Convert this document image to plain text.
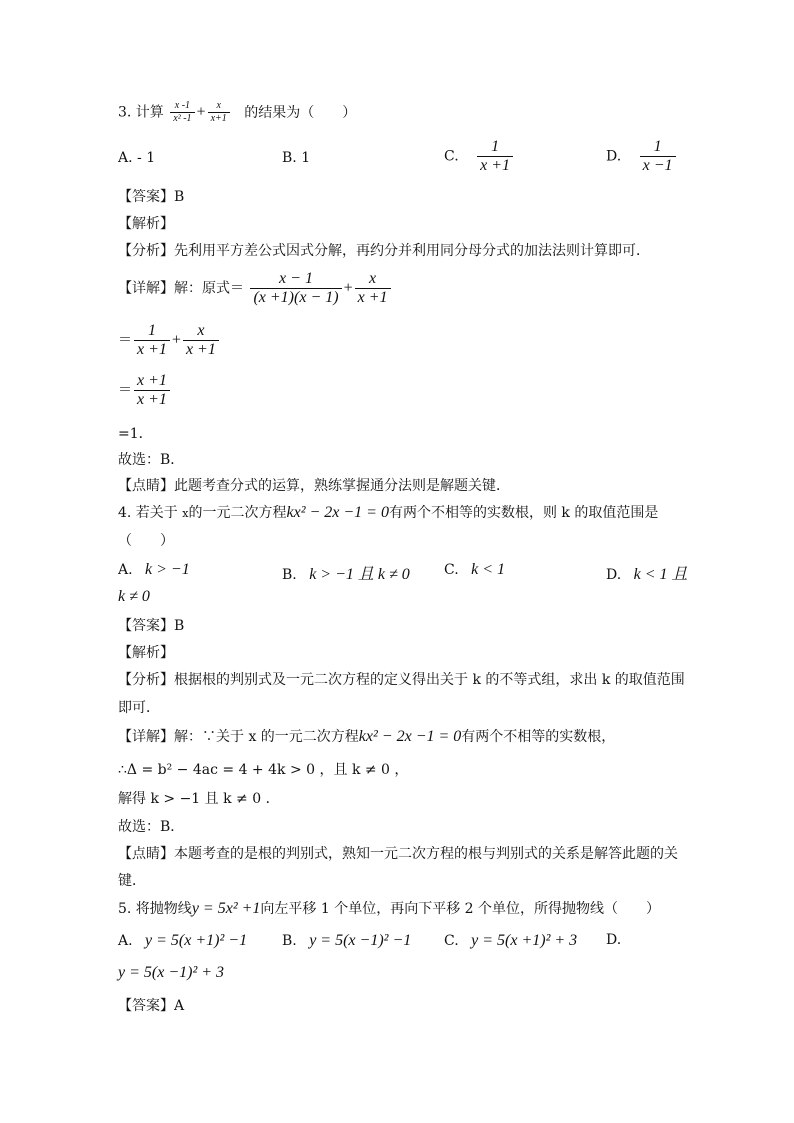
3. 计算 $\frac{x -1}{\text{x² -1}} + \frac{x}{x+1}$ 的结果为（　　）
A. - 1	B. 1	C. $\frac{1}{x +1}$	D. $\frac{1}{x -1}$
【答案】B
【解析】
【分析】先利用平方差公式因式分解，再约分并利用同分母分式的加法法则计算即可．
【详解】解：原式＝ $\frac{x - 1}{(x +1)(x - 1)} + \frac{x}{x +1}$
＝ $\frac{1}{x +1} + \frac{x}{x +1}$
＝ $\frac{x +1}{x +1}$
=1．
故选：B．
【点睛】此题考查分式的运算，熟练掌握通分法则是解题关键．
4. 若关于 x的一元二次方程kx² − 2x −1 = 0有两个不相等的实数根，则 k 的取值范围是
（　　）
A. k > −1	B. k > −1 且 k ≠ 0 C. k < 1	D. k < 1 且
k ≠ 0
【答案】B
【解析】
【分析】根据根的判别式及一元二次方程的定义得出关于 k 的不等式组，求出 k 的取值范围
即可．
【详解】解：∵关于 x 的一元二次方程kx² − 2x −1 = 0有两个不相等的实数根，
∴Δ = b² − 4ac = 4 + 4k > 0 ，且 k ≠ 0 ，
解得 k > −1 且 k ≠ 0 ．
故选：B．
【点睛】本题考查的是根的判别式，熟知一元二次方程的根与判别式的关系是解答此题的关
键．
5. 将抛物线y = 5x² +1向左平移 1 个单位，再向下平移 2 个单位，所得抛物线（　　）
A. y = 5(x +1)² −1 B. y = 5(x −1)² −1 C. y = 5(x +1)² + 3 D.
y = 5(x −1)² + 3
【答案】A
